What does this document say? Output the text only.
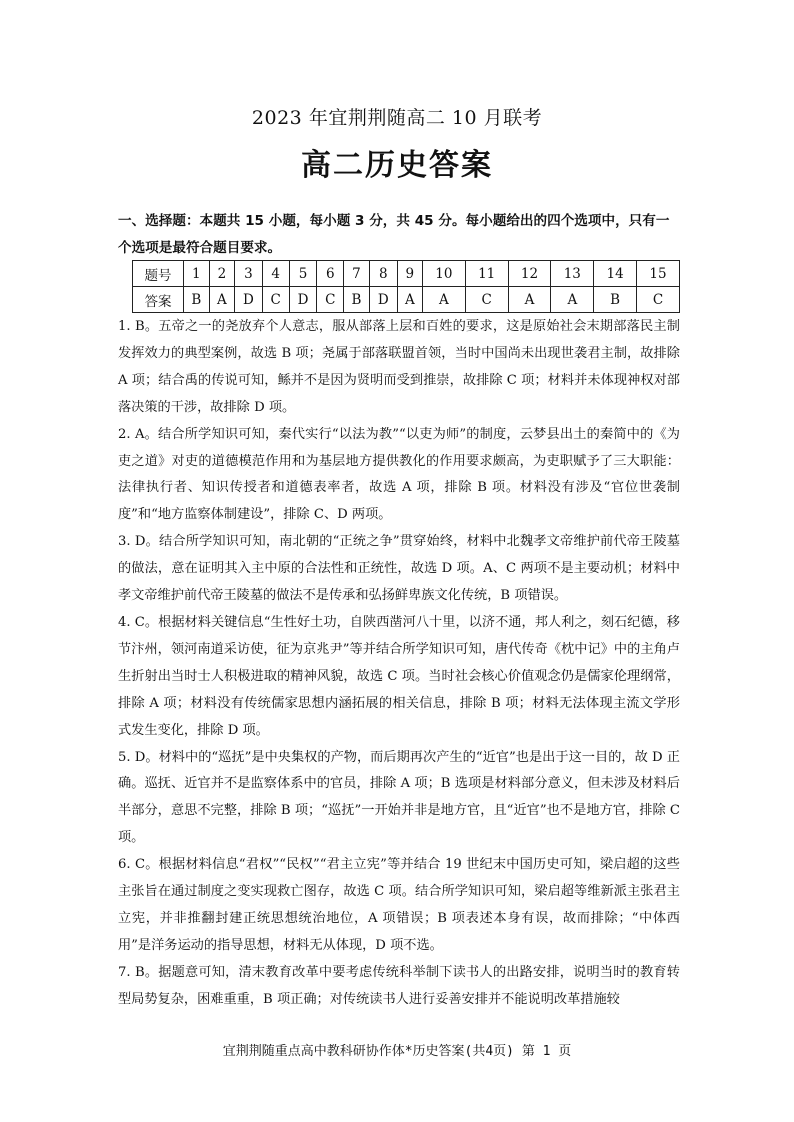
2023 年宜荆荆随高二 10 月联考
高二历史答案
一、选择题：本题共 15 小题，每小题 3 分，共 45 分。每小题给出的四个选项中，只有一个选项是最符合题目要求。
题号	1	2	3	4	5	6	7	8	9	10	11	12	13	14	15
答案	B	A	D	C	D	C	B	D	A	A	C	A	A	B	C

1. B。五帝之一的尧放弃个人意志，服从部落上层和百姓的要求，这是原始社会末期部落民主制发挥效力的典型案例，故选 B 项；尧属于部落联盟首领，当时中国尚未出现世袭君主制，故排除 A 项；结合禹的传说可知，鲧并不是因为贤明而受到推崇，故排除 C 项；材料并未体现神权对部落决策的干涉，故排除 D 项。

2. A。结合所学知识可知，秦代实行“以法为教”“以吏为师”的制度，云梦县出土的秦简中的《为吏之道》对吏的道德模范作用和为基层地方提供教化的作用要求颇高，为吏职赋予了三大职能：法律执行者、知识传授者和道德表率者，故选 A 项，排除 B 项。材料没有涉及“官位世袭制度”和“地方监察体制建设”，排除 C、D 两项。

3. D。结合所学知识可知，南北朝的“正统之争”贯穿始终，材料中北魏孝文帝维护前代帝王陵墓的做法，意在证明其入主中原的合法性和正统性，故选 D 项。A、C 两项不是主要动机；材料中孝文帝维护前代帝王陵墓的做法不是传承和弘扬鲜卑族文化传统，B 项错误。

4. C。根据材料关键信息“生性好土功，自陕西凿河八十里，以济不通，邦人利之，刻石纪德，移节汴州，领河南道采访使，征为京兆尹”等并结合所学知识可知，唐代传奇《枕中记》中的主角卢生折射出当时士人积极进取的精神风貌，故选 C 项。当时社会核心价值观念仍是儒家伦理纲常，排除 A 项；材料没有传统儒家思想内涵拓展的相关信息，排除 B 项；材料无法体现主流文学形式发生变化，排除 D 项。

5. D。材料中的“巡抚”是中央集权的产物，而后期再次产生的“近官”也是出于这一目的，故 D 正确。巡抚、近官并不是监察体系中的官员，排除 A 项；B 选项是材料部分意义，但未涉及材料后半部分，意思不完整，排除 B 项；“巡抚”一开始并非是地方官，且“近官”也不是地方官，排除 C 项。

6. C。根据材料信息“君权”“民权”“君主立宪”等并结合 19 世纪末中国历史可知，梁启超的这些主张旨在通过制度之变实现救亡图存，故选 C 项。结合所学知识可知，梁启超等维新派主张君主立宪，并非推翻封建正统思想统治地位，A 项错误；B 项表述本身有误，故而排除；“中体西用”是洋务运动的指导思想，材料无从体现，D 项不选。

7. B。据题意可知，清末教育改革中要考虑传统科举制下读书人的出路安排，说明当时的教育转型局势复杂，困难重重，B 项正确；对传统读书人进行妥善安排并不能说明改革措施较

宜荆荆随重点高中教科研协作体*历史答案(共4页) 第 1 页
